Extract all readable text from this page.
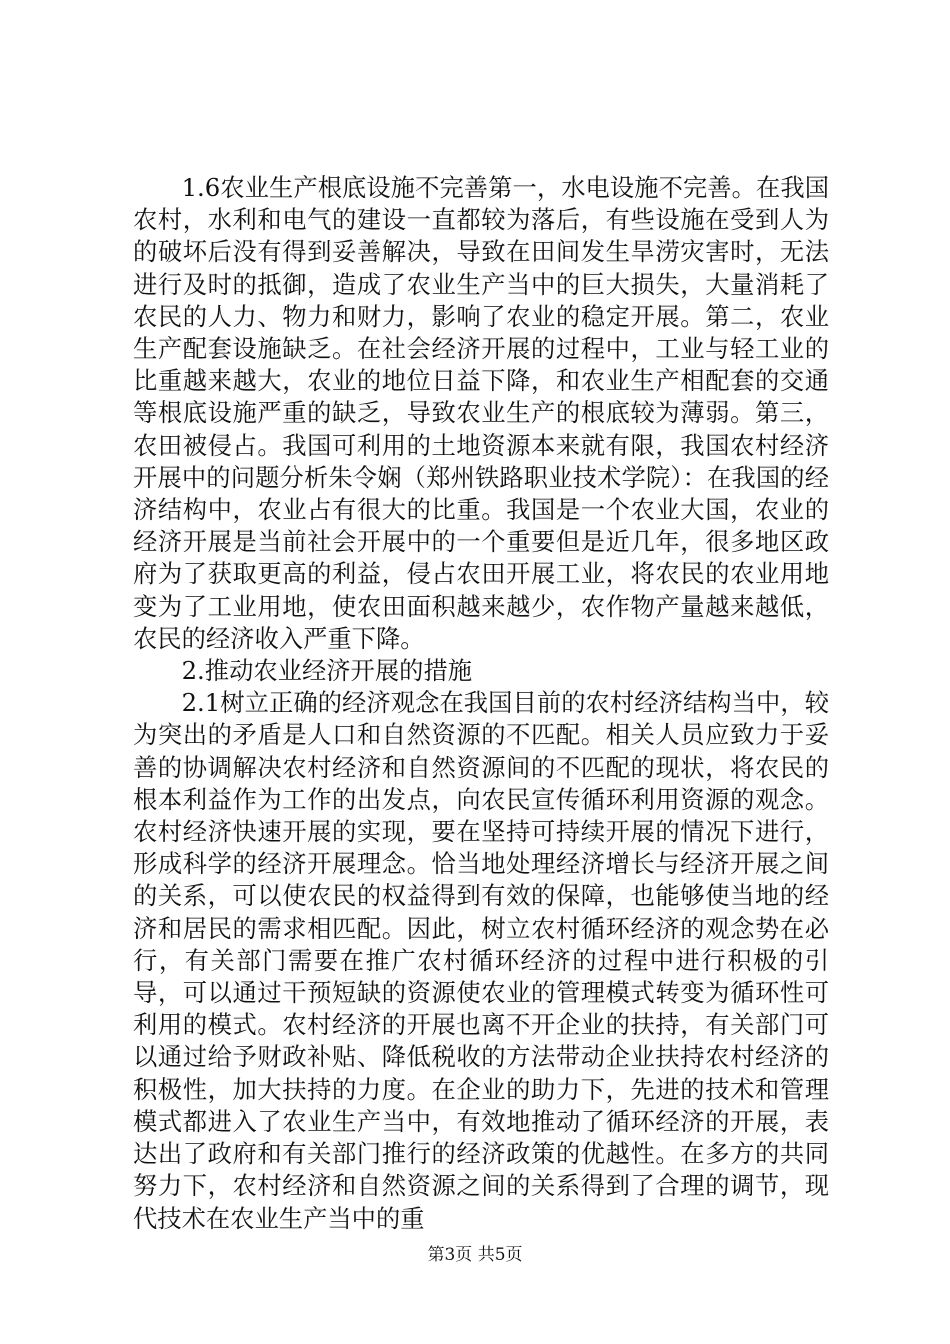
1.6农业生产根底设施不完善第一，水电设施不完善。在我国农村，水利和电气的建设一直都较为落后，有些设施在受到人为的破坏后没有得到妥善解决，导致在田间发生旱涝灾害时，无法进行及时的抵御，造成了农业生产当中的巨大损失，大量消耗了农民的人力、物力和财力，影响了农业的稳定开展。第二，农业生产配套设施缺乏。在社会经济开展的过程中，工业与轻工业的比重越来越大，农业的地位日益下降，和农业生产相配套的交通等根底设施严重的缺乏，导致农业生产的根底较为薄弱。第三，农田被侵占。我国可利用的土地资源本来就有限，我国农村经济开展中的问题分析朱令娴（郑州铁路职业技术学院）：在我国的经济结构中，农业占有很大的比重。我国是一个农业大国，农业的经济开展是当前社会开展中的一个重要但是近几年，很多地区政府为了获取更高的利益，侵占农田开展工业，将农民的农业用地变为了工业用地，使农田面积越来越少，农作物产量越来越低，农民的经济收入严重下降。

2.推动农业经济开展的措施

2.1树立正确的经济观念在我国目前的农村经济结构当中，较为突出的矛盾是人口和自然资源的不匹配。相关人员应致力于妥善的协调解决农村经济和自然资源间的不匹配的现状，将农民的根本利益作为工作的出发点，向农民宣传循环利用资源的观念。农村经济快速开展的实现，要在坚持可持续开展的情况下进行，形成科学的经济开展理念。恰当地处理经济增长与经济开展之间的关系，可以使农民的权益得到有效的保障，也能够使当地的经济和居民的需求相匹配。因此，树立农村循环经济的观念势在必行，有关部门需要在推广农村循环经济的过程中进行积极的引导，可以通过干预短缺的资源使农业的管理模式转变为循环性可利用的模式。农村经济的开展也离不开企业的扶持，有关部门可以通过给予财政补贴、降低税收的方法带动企业扶持农村经济的积极性，加大扶持的力度。在企业的助力下，先进的技术和管理模式都进入了农业生产当中，有效地推动了循环经济的开展，表达出了政府和有关部门推行的经济政策的优越性。在多方的共同努力下，农村经济和自然资源之间的关系得到了合理的调节，现代技术在农业生产当中的重

第3页 共5页
